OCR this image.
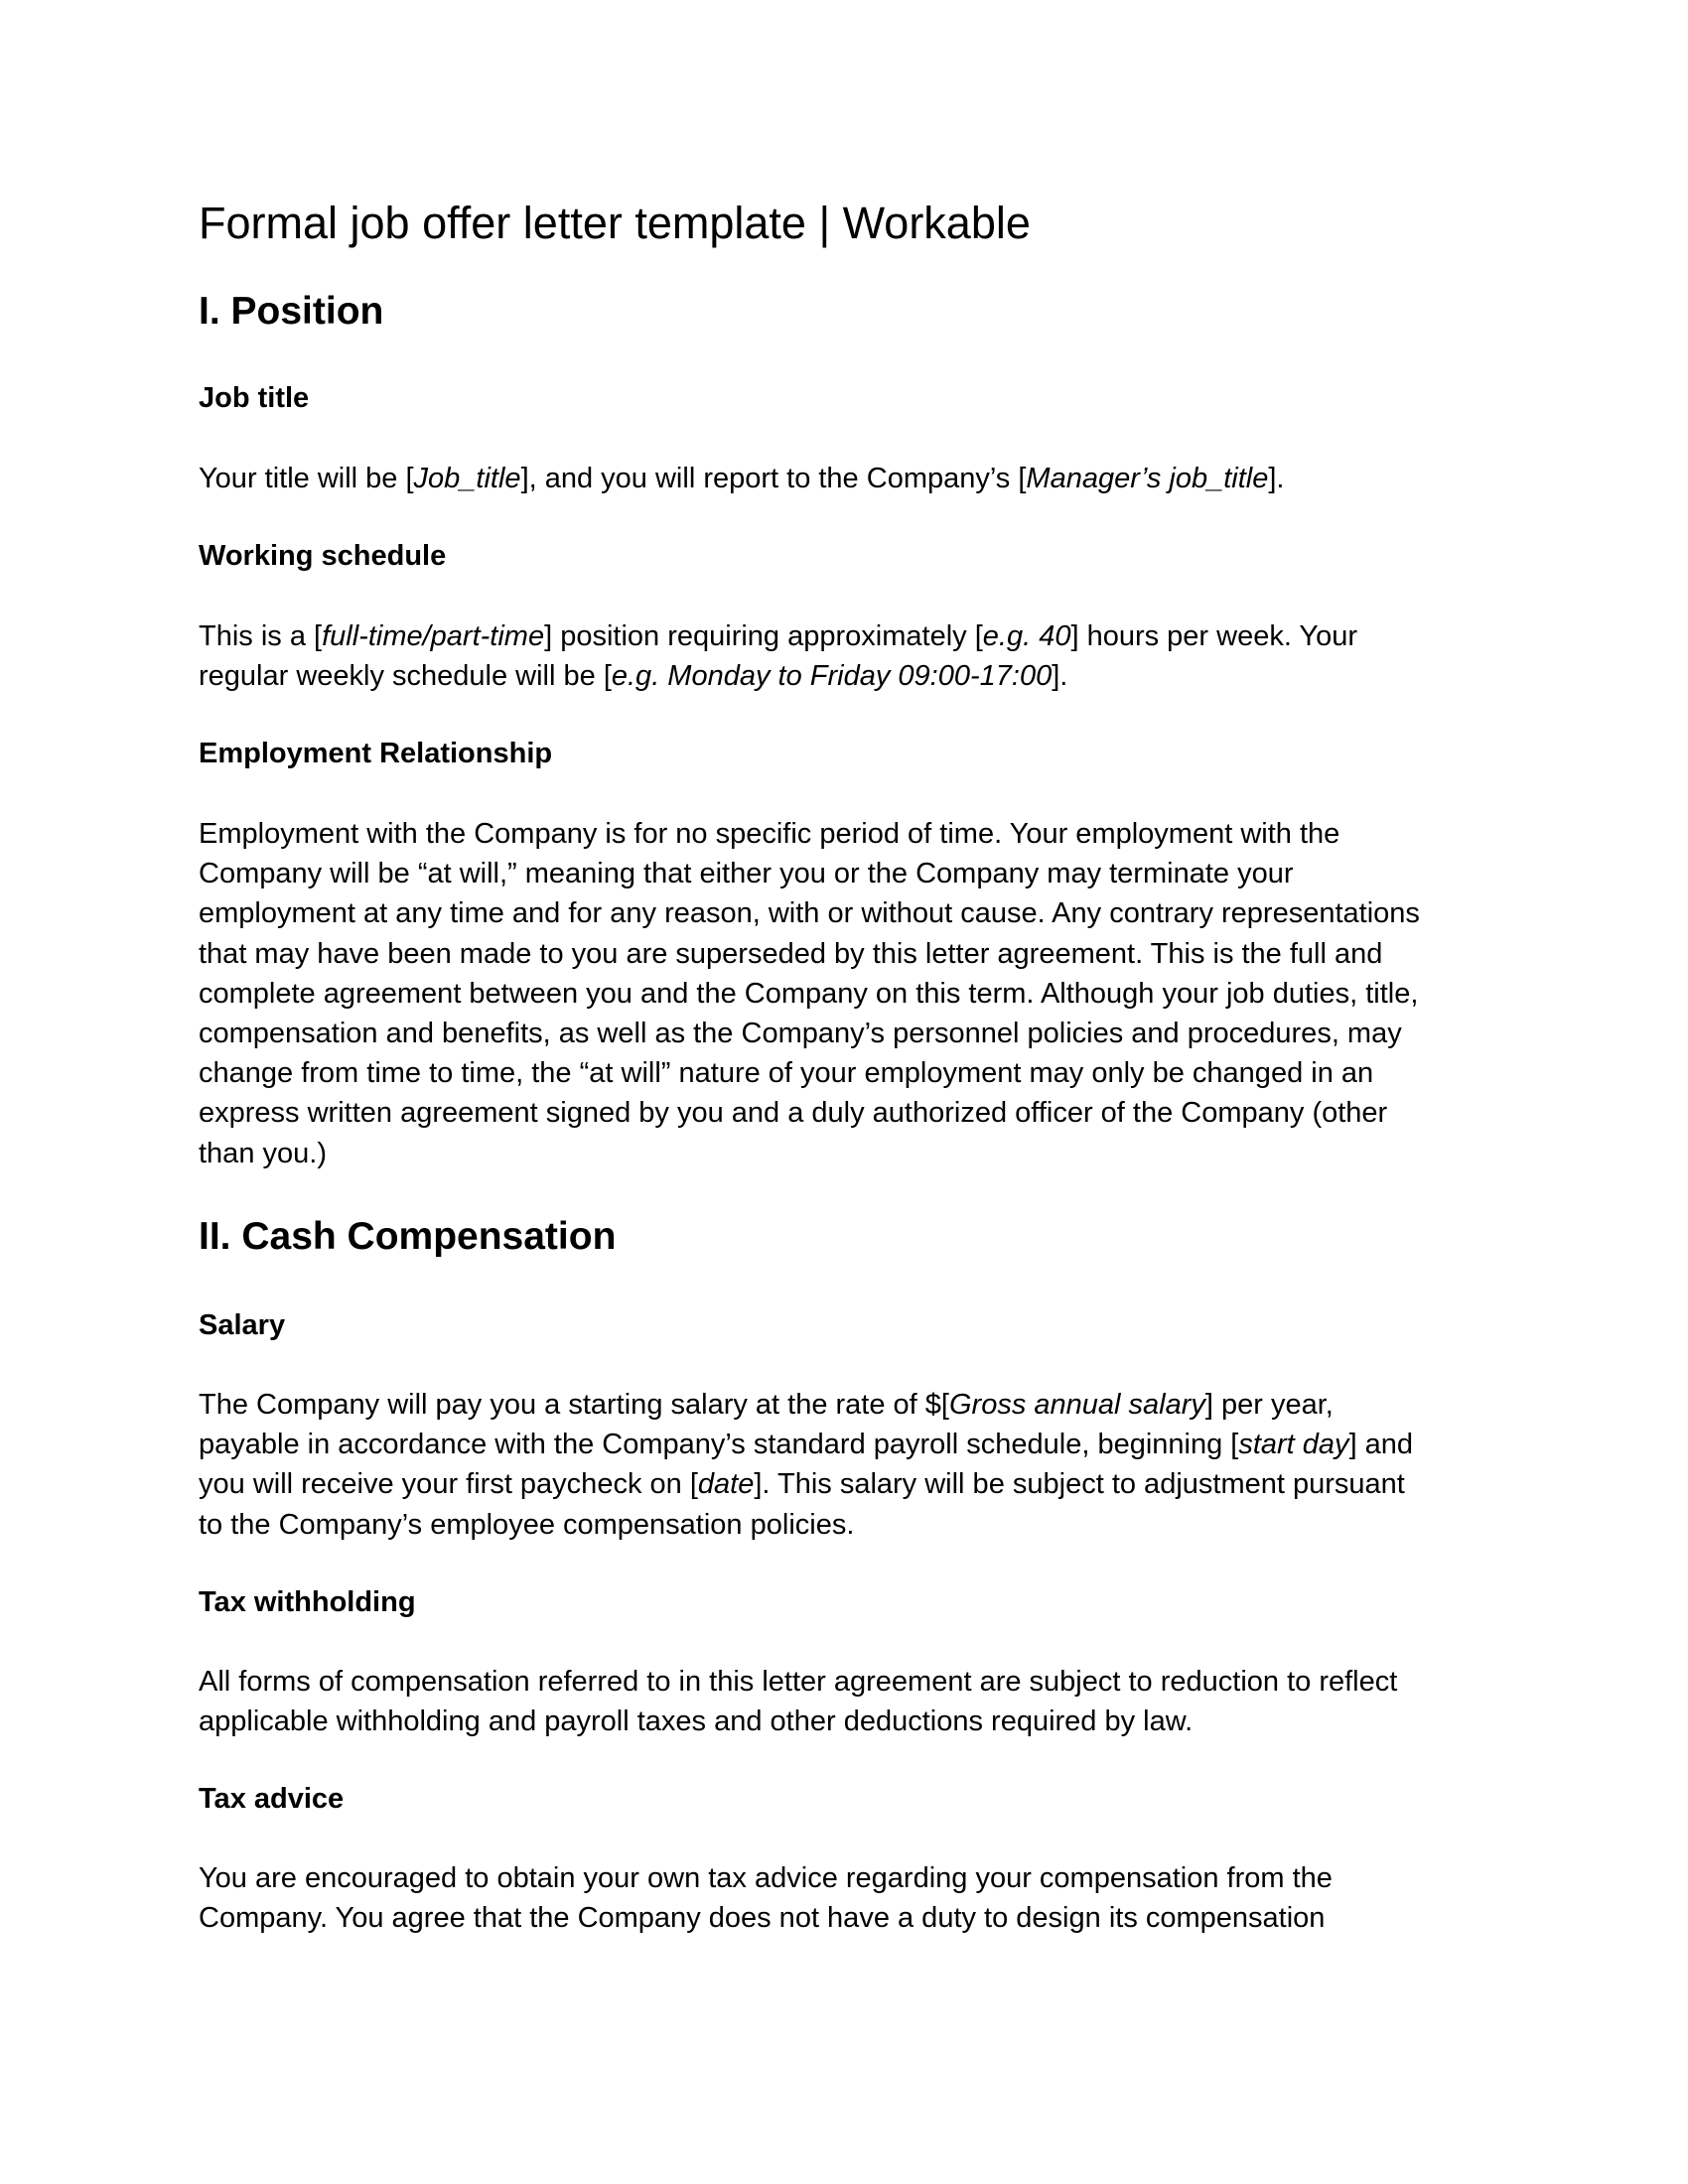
Formal job offer letter template | Workable
I. Position
Job title

Your title will be [Job_title], and you will report to the Company’s [Manager’s job_title].

Working schedule

This is a [full-time/part-time] position requiring approximately [e.g. 40] hours per week. Your
regular weekly schedule will be [e.g. Monday to Friday 09:00-17:00].

Employment Relationship

Employment with the Company is for no specific period of time. Your employment with the
Company will be “at will,” meaning that either you or the Company may terminate your
employment at any time and for any reason, with or without cause. Any contrary representations
that may have been made to you are superseded by this letter agreement. This is the full and
complete agreement between you and the Company on this term. Although your job duties, title,
compensation and benefits, as well as the Company’s personnel policies and procedures, may
change from time to time, the “at will” nature of your employment may only be changed in an
express written agreement signed by you and a duly authorized officer of the Company (other
than you.)

II. Cash Compensation
Salary

The Company will pay you a starting salary at the rate of $[Gross annual salary] per year,
payable in accordance with the Company’s standard payroll schedule, beginning [start day] and
you will receive your first paycheck on [date]. This salary will be subject to adjustment pursuant
to the Company’s employee compensation policies.

Tax withholding

All forms of compensation referred to in this letter agreement are subject to reduction to reflect
applicable withholding and payroll taxes and other deductions required by law.

Tax advice

You are encouraged to obtain your own tax advice regarding your compensation from the
Company. You agree that the Company does not have a duty to design its compensation
